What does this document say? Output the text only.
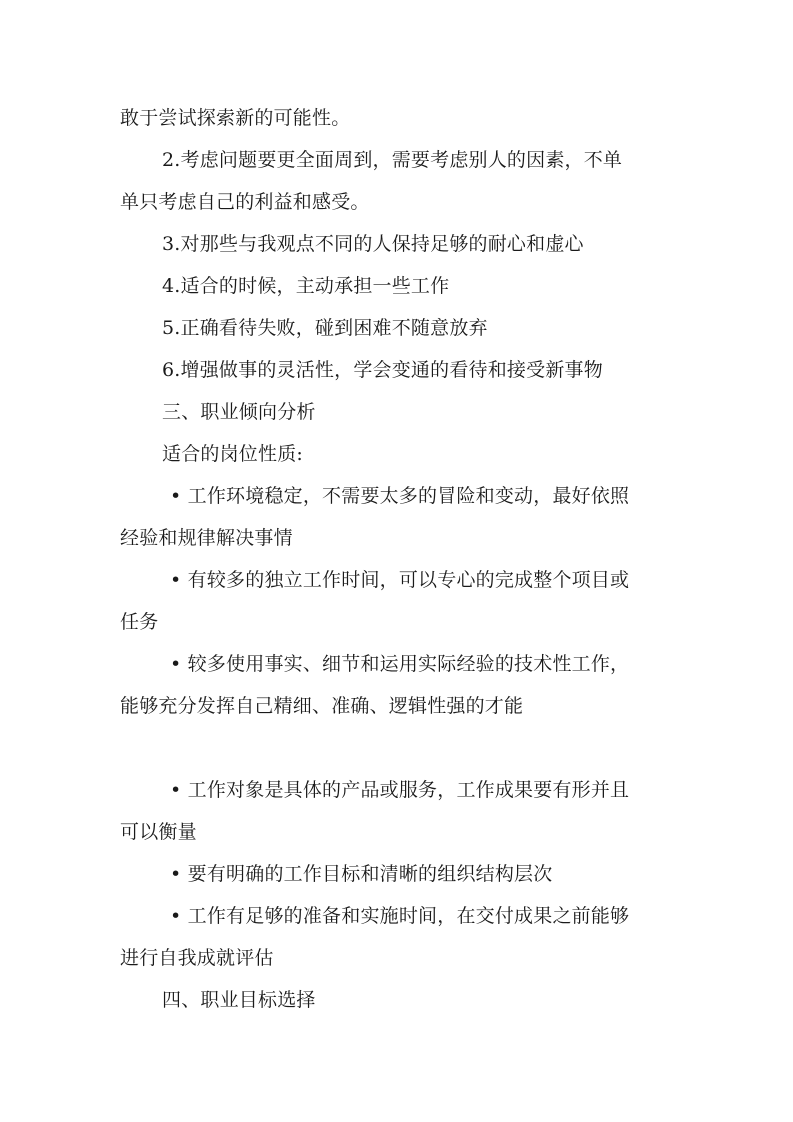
敢于尝试探索新的可能性。
2.考虑问题要更全面周到，需要考虑别人的因素，不单
单只考虑自己的利益和感受。
3.对那些与我观点不同的人保持足够的耐心和虚心
4.适合的时候，主动承担一些工作
5.正确看待失败，碰到困难不随意放弃
6.增强做事的灵活性，学会变通的看待和接受新事物
三、职业倾向分析
适合的岗位性质:
• 工作环境稳定，不需要太多的冒险和变动，最好依照
经验和规律解决事情
• 有较多的独立工作时间，可以专心的完成整个项目或
任务
• 较多使用事实、细节和运用实际经验的技术性工作，
能够充分发挥自己精细、准确、逻辑性强的才能
• 工作对象是具体的产品或服务，工作成果要有形并且
可以衡量
• 要有明确的工作目标和清晰的组织结构层次
• 工作有足够的准备和实施时间，在交付成果之前能够
进行自我成就评估
四、职业目标选择
